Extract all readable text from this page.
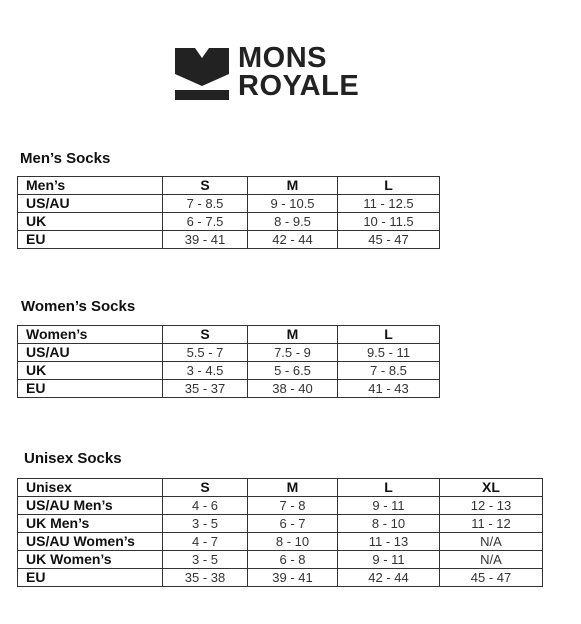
MONS
ROYALE
Men’s Socks
Men’s	S	M	L
US/AU	7 - 8.5	9 - 10.5	11 - 12.5
UK	6 - 7.5	8 - 9.5	10 - 11.5
EU	39 - 41	42 - 44	45 - 47
Women’s Socks
Women’s	S	M	L
US/AU	5.5 - 7	7.5 - 9	9.5 - 11
UK	3 - 4.5	5 - 6.5	7 - 8.5
EU	35 - 37	38 - 40	41 - 43
Unisex Socks
Unisex	S	M	L	XL
US/AU Men’s	4 - 6	7 - 8	9 - 11	12 - 13
UK Men’s	3 - 5	6 - 7	8 - 10	11 - 12
US/AU Women’s	4 - 7	8 - 10	11 - 13	N/A
UK Women’s	3 - 5	6 - 8	9 - 11	N/A
EU	35 - 38	39 - 41	42 - 44	45 - 47
